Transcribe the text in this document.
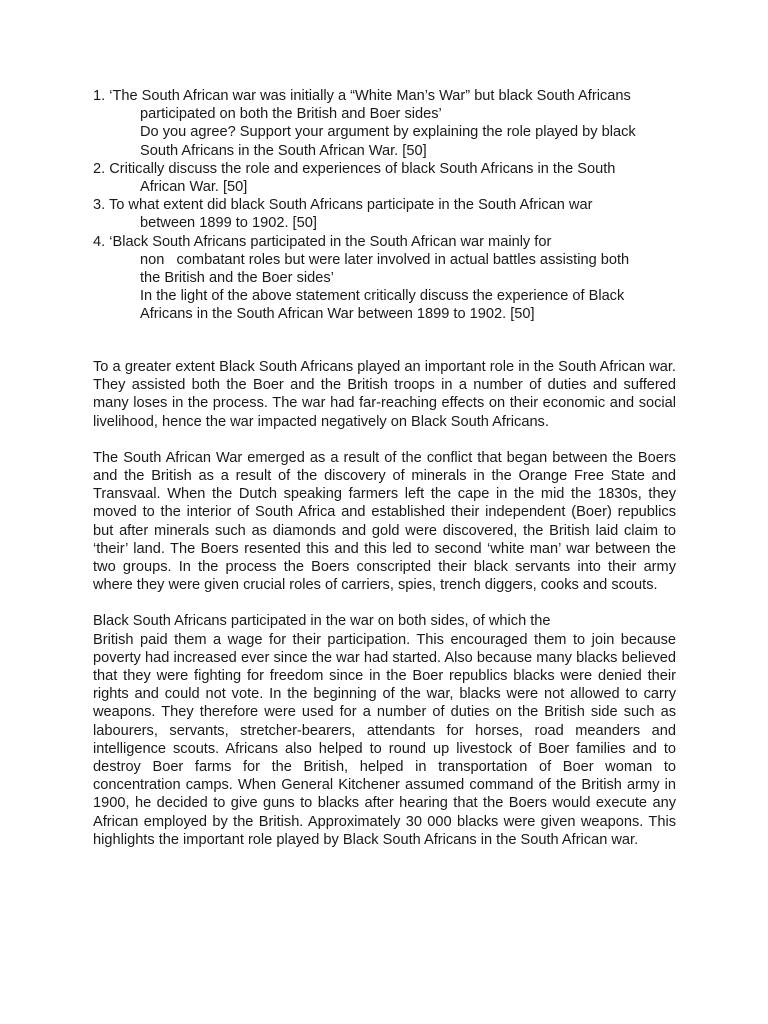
1. ‘The South African war was initially a “White Man’s War” but black South Africans
participated on both the British and Boer sides’
Do you agree? Support your argument by explaining the role played by black
South Africans in the South African War. [50]
2. Critically discuss the role and experiences of black South Africans in the South
African War. [50]
3. To what extent did black South Africans participate in the South African war
between 1899 to 1902. [50]
4. ‘Black South Africans participated in the South African war mainly for
non   combatant roles but were later involved in actual battles assisting both
the British and the Boer sides’
In the light of the above statement critically discuss the experience of Black
Africans in the South African War between 1899 to 1902. [50]

To a greater extent Black South Africans played an important role in the South African war. They assisted both the Boer and the British troops in a number of duties and suffered many loses in the process. The war had far-reaching effects on their economic and social livelihood, hence the war impacted negatively on Black South Africans.

The South African War emerged as a result of the conflict that began between the Boers and the British as a result of the discovery of minerals in the Orange Free State and Transvaal. When the Dutch speaking farmers left the cape in the mid the 1830s, they moved to the interior of South Africa and established their independent (Boer) republics but after minerals such as diamonds and gold were discovered, the British laid claim to ‘their’ land. The Boers resented this and this led to second ‘white man’ war between the two groups. In the process the Boers conscripted their black servants into their army where they were given crucial roles of carriers, spies, trench diggers, cooks and scouts.

Black South Africans participated in the war on both sides, of which the
British paid them a wage for their participation. This encouraged them to join because poverty had increased ever since the war had started. Also because many blacks believed that they were fighting for freedom since in the Boer republics blacks were denied their rights and could not vote. In the beginning of the war, blacks were not allowed to carry weapons. They therefore were used for a number of duties on the British side such as labourers, servants, stretcher-bearers, attendants for horses, road meanders and intelligence scouts. Africans also helped to round up livestock of Boer families and to destroy Boer farms for the British, helped in transportation of Boer woman to concentration camps. When General Kitchener assumed command of the British army in 1900, he decided to give guns to blacks after hearing that the Boers would execute any African employed by the British. Approximately 30 000 blacks were given weapons. This highlights the important role played by Black South Africans in the South African war.
